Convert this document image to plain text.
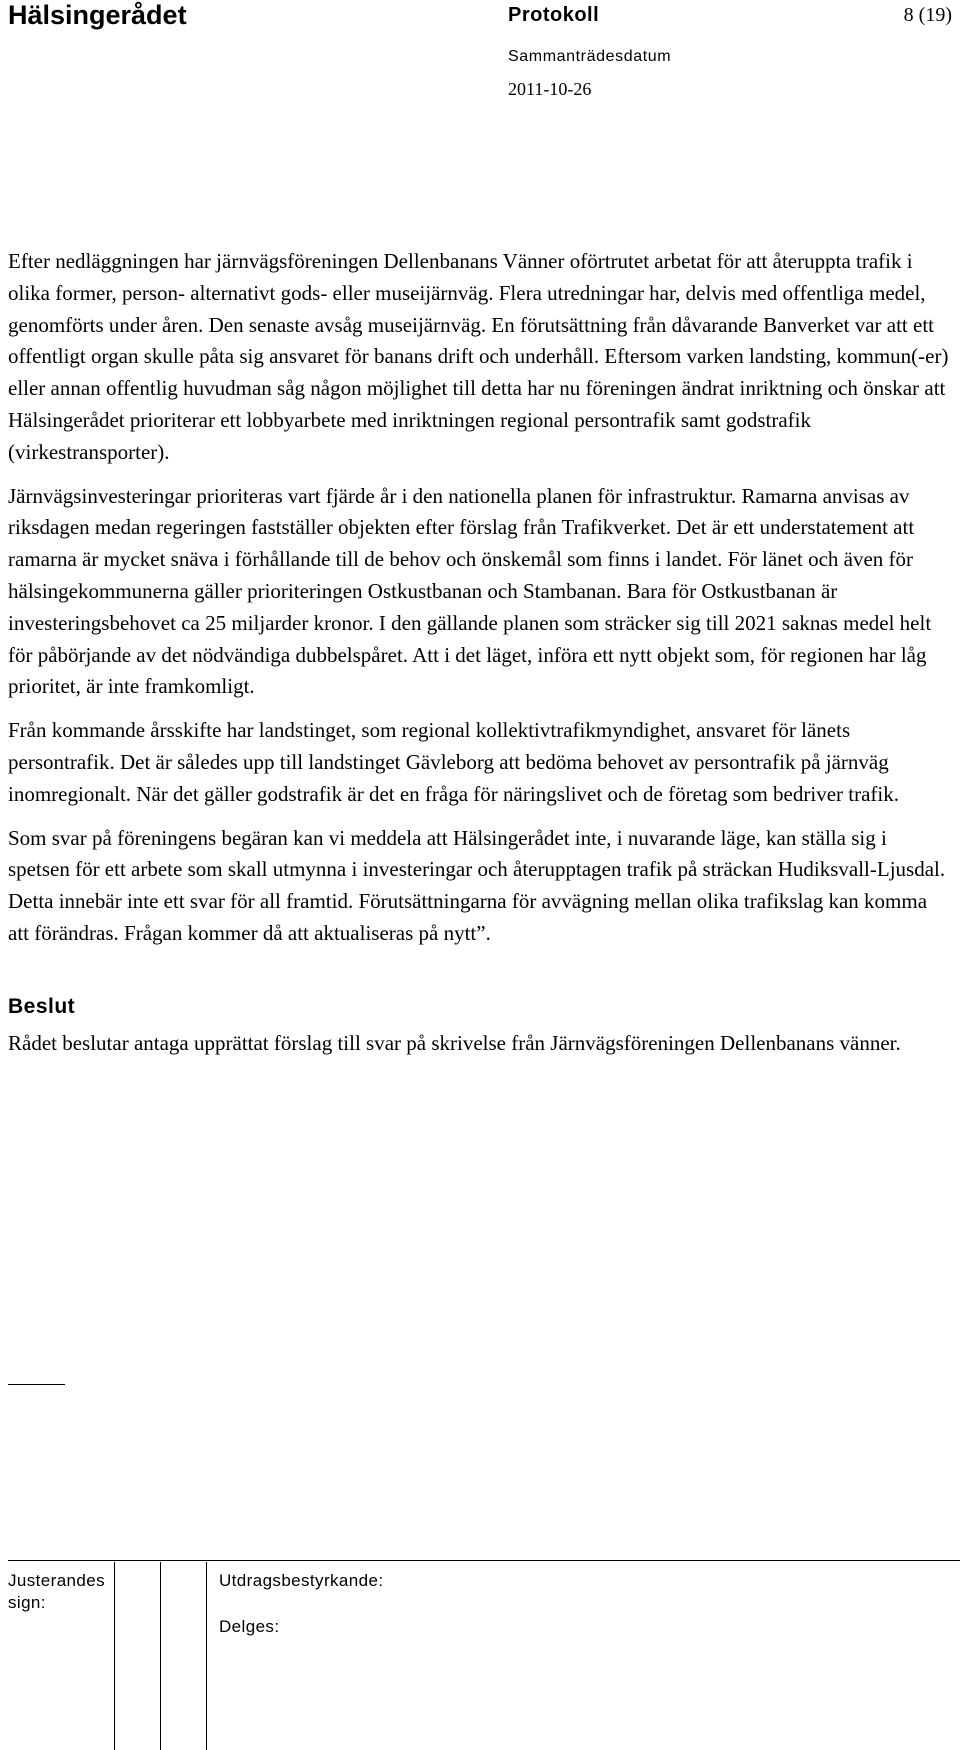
Hälsingerådet	Protokoll	8 (19)
Sammanträdesdatum
2011-10-26

Efter nedläggningen har järnvägsföreningen Dellenbanans Vänner oförtrutet arbetat för att återuppta trafik i olika former, person- alternativt gods- eller museijärnväg. Flera utredningar har, delvis med offentliga medel, genomförts under åren. Den senaste avsåg museijärnväg. En förutsättning från dåvarande Banverket var att ett offentligt organ skulle påta sig ansvaret för banans drift och underhåll. Eftersom varken landsting, kommun(-er) eller annan offentlig huvudman såg någon möjlighet till detta har nu föreningen ändrat inriktning och önskar att Hälsingerådet prioriterar ett lobbyarbete med inriktningen regional persontrafik samt godstrafik (virkestransporter).

Järnvägsinvesteringar prioriteras vart fjärde år i den nationella planen för infrastruktur. Ramarna anvisas av riksdagen medan regeringen fastställer objekten efter förslag från Trafikverket. Det är ett understatement att ramarna är mycket snäva i förhållande till de behov och önskemål som finns i landet. För länet och även för hälsingekommunerna gäller prioriteringen Ostkustbanan och Stambanan. Bara för Ostkustbanan är investeringsbehovet ca 25 miljarder kronor. I den gällande planen som sträcker sig till 2021 saknas medel helt för påbörjande av det nödvändiga dubbelspåret. Att i det läget, införa ett nytt objekt som, för regionen har låg prioritet, är inte framkomligt.

Från kommande årsskifte har landstinget, som regional kollektivtrafikmyndighet, ansvaret för länets persontrafik. Det är således upp till landstinget Gävleborg att bedöma behovet av persontrafik på järnväg inomregionalt. När det gäller godstrafik är det en fråga för näringslivet och de företag som bedriver trafik.

Som svar på föreningens begäran kan vi meddela att Hälsingerådet inte, i nuvarande läge, kan ställa sig i spetsen för ett arbete som skall utmynna i investeringar och återupptagen trafik på sträckan Hudiksvall-Ljusdal. Detta innebär inte ett svar för all framtid. Förutsättningarna för avvägning mellan olika trafikslag kan komma att förändras. Frågan kommer då att aktualiseras på nytt”.

Beslut

Rådet beslutar antaga upprättat förslag till svar på skrivelse från Järnvägsföreningen Dellenbanans vänner.

Justerandes sign:
Utdragsbestyrkande:
Delges:
